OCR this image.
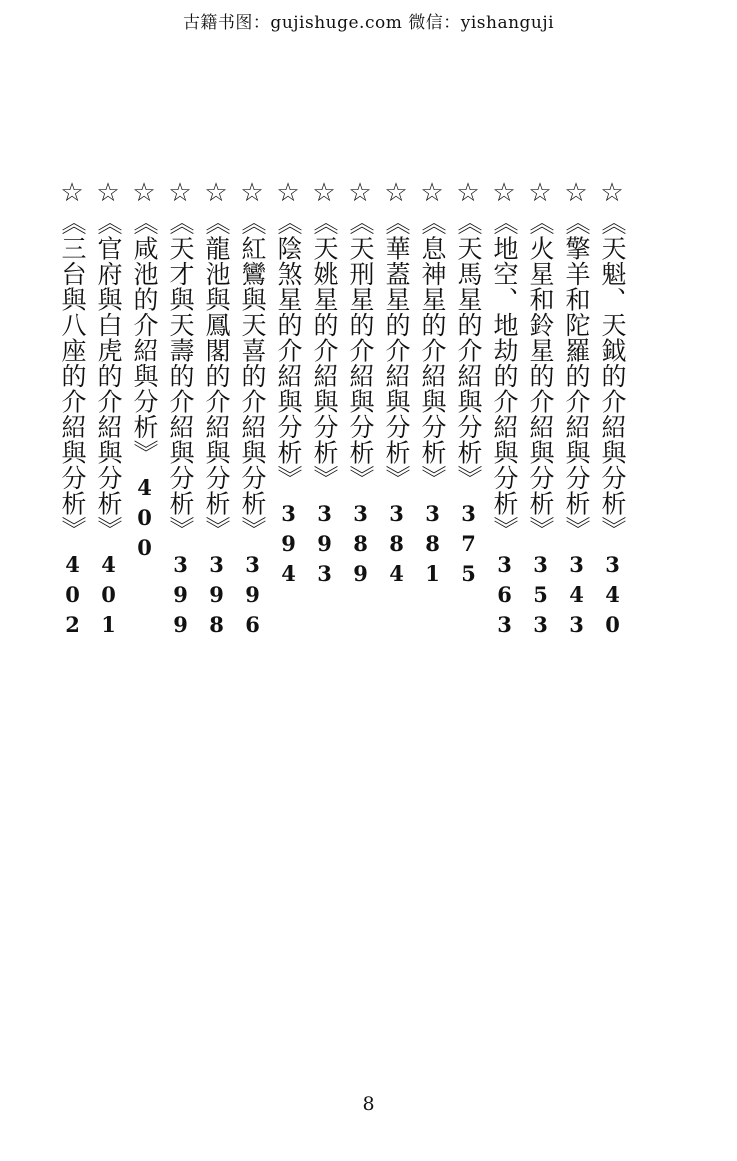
古籍书图：gujishuge.com 微信：yishanguji
☆
《天魁、天鉞的介紹與分析》
340
☆
《擎羊和陀羅的介紹與分析》
343
☆
《火星和鈴星的介紹與分析》
353
☆
《地空、地劫的介紹與分析》
363
☆
《天馬星的介紹與分析》
375
☆
《息神星的介紹與分析》
381
☆
《華蓋星的介紹與分析》
384
☆
《天刑星的介紹與分析》
389
☆
《天姚星的介紹與分析》
393
☆
《陰煞星的介紹與分析》
394
☆
《紅鸞與天喜的介紹與分析》
396
☆
《龍池與鳳閣的介紹與分析》
398
☆
《天才與天壽的介紹與分析》
399
☆
《咸池的介紹與分析》
400
☆
《官府與白虎的介紹與分析》
401
☆
《三台與八座的介紹與分析》
402
8
